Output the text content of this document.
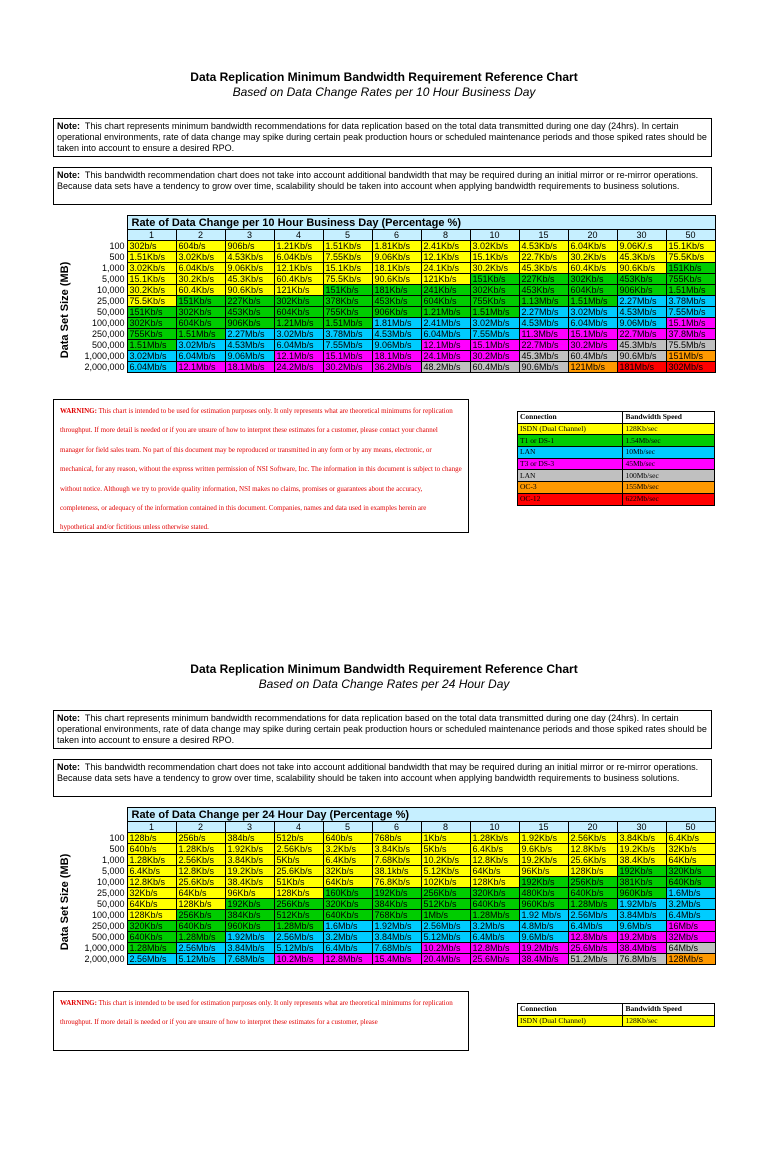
Data Replication Minimum Bandwidth Requirement Reference Chart
Based on Data Change Rates per 10 Hour Business Day
Note: This chart represents minimum bandwidth recommendations for data replication based on the total data transmitted during one day (24hrs). In certain operational environments, rate of data change may spike during certain peak production hours or scheduled maintenance periods and those spiked rates should be taken into account to ensure a desired RPO.
Note: This bandwidth recommendation chart does not take into account additional bandwidth that may be required during an initial mirror or re-mirror operations. Because data sets have a tendency to grow over time, scalability should be taken into account when applying bandwidth requirements to business solutions.
Data Set Size (MB)
	Rate of Data Change per 10 Hour Business Day (Percentage %)											
	1	2	3	4	5	6	8	10	15	20	30	50
100	302b/s	604b/s	906b/s	1.21Kb/s	1.51Kb/s	1.81Kb/s	2.41Kb/s	3.02Kb/s	4.53Kb/s	6.04Kb/s	9.06K/.s	15.1Kb/s
500	1.51Kb/s	3.02Kb/s	4.53Kb/s	6.04Kb/s	7.55Kb/s	9.06Kb/s	12.1Kb/s	15.1Kb/s	22.7Kb/s	30.2Kb/s	45.3Kb/s	75.5Kb/s
1,000	3.02Kb/s	6.04Kb/s	9.06Kb/s	12.1Kb/s	15.1Kb/s	18.1Kb/s	24.1Kb/s	30.2Kb/s	45.3Kb/s	60.4Kb/s	90.6Kb/s	151Kb/s
5,000	15.1Kb/s	30.2Kb/s	45.3Kb/s	60.4Kb/s	75.5Kb/s	90.6Kb/s	121Kb/s	151Kb/s	227Kb/s	302Kb/s	453Kb/s	755Kb/s
10,000	30.2Kb/s	60.4Kb/s	90.6Kb/s	121Kb/s	151Kb/s	181Kb/s	241Kb/s	302Kb/s	453Kb/s	604Kb/s	906Kb/s	1.51Mb/s
25,000	75.5Kb/s	151Kb/s	227Kb/s	302Kb/s	378Kb/s	453Kb/s	604Kb/s	755Kb/s	1.13Mb/s	1.51Mb/s	2.27Mb/s	3.78Mb/s
50,000	151Kb/s	302Kb/s	453Kb/s	604Kb/s	755Kb/s	906Kb/s	1.21Mb/s	1.51Mb/s	2.27Mb/s	3.02Mb/s	4.53Mb/s	7.55Mb/s
100,000	302Kb/s	604Kb/s	906Kb/s	1.21Mb/s	1.51Mb/s	1.81Mb/s	2.41Mb/s	3.02Mb/s	4.53Mb/s	6.04Mb/s	9.06Mb/s	15.1Mb/s
250,000	755Kb/s	1.51Mb/s	2.27Mb/s	3.02Mb/s	3.78Mb/s	4.53Mb/s	6.04Mb/s	7.55Mb/s	11.3Mb/s	15.1Mb/s	22.7Mb/s	37.8Mb/s
500,000	1.51Mb/s	3.02Mb/s	4.53Mb/s	6.04Mb/s	7.55Mb/s	9.06Mb/s	12.1Mb/s	15.1Mb/s	22.7Mb/s	30.2Mb/s	45.3Mb/s	75.5Mb/s
1,000,000	3.02Mb/s	6.04Mb/s	9.06Mb/s	12.1Mb/s	15.1Mb/s	18.1Mb/s	24.1Mb/s	30.2Mb/s	45.3Mb/s	60.4Mb/s	90.6Mb/s	151Mb/s
2,000,000	6.04Mb/s	12.1Mb/s	18.1Mb/s	24.2Mb/s	30.2Mb/s	36.2Mb/s	48.2Mb/s	60.4Mb/s	90.6Mb/s	121Mb/s	181Mb/s	302Mb/s
WARNING: This chart is intended to be used for estimation purposes only. It only represents what are theoretical minimums for replication throughput. If more detail is needed or if you are unsure of how to interpret these estimates for a customer, please contact your channel manager for field sales team. No part of this document may be reproduced or transmitted in any form or by any means, electronic, or mechanical, for any reason, without the express written permission of NSI Software, Inc. The information in this document is subject to change without notice. Although we try to provide quality information, NSI makes no claims, promises or guarantees about the accuracy, completeness, or adequacy of the information contained in this document. Companies, names and data used in examples herein are hypothetical and/or fictitious unless otherwise stated.
Connection	Bandwidth Speed
ISDN (Dual Channel)	128Kb/sec
T1 or DS-1	1.54Mb/sec
LAN	10Mb/sec
T3 or DS-3	45Mb/sec
LAN	100Mb/sec
OC-3	155Mb/sec
OC-12	622Mb/sec
Data Replication Minimum Bandwidth Requirement Reference Chart
Based on Data Change Rates per 24 Hour Day
Note: This chart represents minimum bandwidth recommendations for data replication based on the total data transmitted during one day (24hrs). In certain operational environments, rate of data change may spike during certain peak production hours or scheduled maintenance periods and those spiked rates should be taken into account to ensure a desired RPO.
Note: This bandwidth recommendation chart does not take into account additional bandwidth that may be required during an initial mirror or re-mirror operations. Because data sets have a tendency to grow over time, scalability should be taken into account when applying bandwidth requirements to business solutions.
Data Set Size (MB)
	Rate of Data Change per 24 Hour Day (Percentage %)											
	1	2	3	4	5	6	8	10	15	20	30	50
100	128b/s	256b/s	384b/s	512b/s	640b/s	768b/s	1Kb/s	1.28Kb/s	1.92Kb/s	2.56Kb/s	3.84Kb/s	6.4Kb/s
500	640b/s	1.28Kb/s	1.92Kb/s	2.56Kb/s	3.2Kb/s	3.84Kb/s	5Kb/s	6.4Kb/s	9.6Kb/s	12.8Kb/s	19.2Kb/s	32Kb/s
1,000	1.28Kb/s	2.56Kb/s	3.84Kb/s	5Kb/s	6.4Kb/s	7.68Kb/s	10.2Kb/s	12.8Kb/s	19.2Kb/s	25.6Kb/s	38.4Kb/s	64Kb/s
5,000	6.4Kb/s	12.8Kb/s	19.2Kb/s	25.6Kb/s	32Kb/s	38.1kb/s	5.12Kb/s	64Kb/s	96Kb/s	128Kb/s	192Kb/s	320Kb/s
10,000	12.8Kb/s	25.6Kb/s	38.4Kb/s	51Kb/s	64Kb/s	76.8Kb/s	102Kb/s	128Kb/s	192Kb/s	256Kb/s	381Kb/s	640Kb/s
25,000	32Kb/s	64Kb/s	96Kb/s	128Kb/s	160Kb/s	192Kb/s	256Kb/s	320Kb/s	480Kb/s	640Kb/s	960Kb/s	1.6Mb/s
50,000	64Kb/s	128Kb/s	192Kb/s	256Kb/s	320Kb/s	384Kb/s	512Kb/s	640Kb/s	960Kb/s	1.28Mb/s	1.92Mb/s	3.2Mb/s
100,000	128Kb/s	256Kb/s	384Kb/s	512Kb/s	640Kb/s	768Kb/s	1Mb/s	1.28Mb/s	1.92 Mb/s	2.56Mb/s	3.84Mb/s	6.4Mb/s
250,000	320Kb/s	640Kb/s	960Kb/s	1.28Mb/s	1.6Mb/s	1.92Mb/s	2.56Mb/s	3.2Mb/s	4.8Mb/s	6.4Mb/s	9.6Mb/s	16Mb/s
500,000	640Kb/s	1.28Mb/s	1.92Mb/s	2.56Mb/s	3.2Mb/s	3.84Mb/s	5.12Mb/s	6.4Mb/s	9.6Mb/s	12.8Mb/s	19.2Mb/s	32Mb/s
1,000,000	1.28Mb/s	2.56Mb/s	3.84Mb/s	5.12Mb/s	6.4Mb/s	7.68Mb/s	10.2Mb/s	12.8Mb/s	19.2Mb/s	25.6Mb/s	38.4Mb/s	64Mb/s
2,000,000	2.56Mb/s	5.12Mb/s	7.68Mb/s	10.2Mb/s	12.8Mb/s	15.4Mb/s	20.4Mb/s	25.6Mb/s	38.4Mb/s	51.2Mb/s	76.8Mb/s	128Mb/s
WARNING: This chart is intended to be used for estimation purposes only. It only represents what are theoretical minimums for replication throughput. If more detail is needed or if you are unsure of how to interpret these estimates for a customer, please
Connection	Bandwidth Speed
ISDN (Dual Channel)	128Kb/sec
